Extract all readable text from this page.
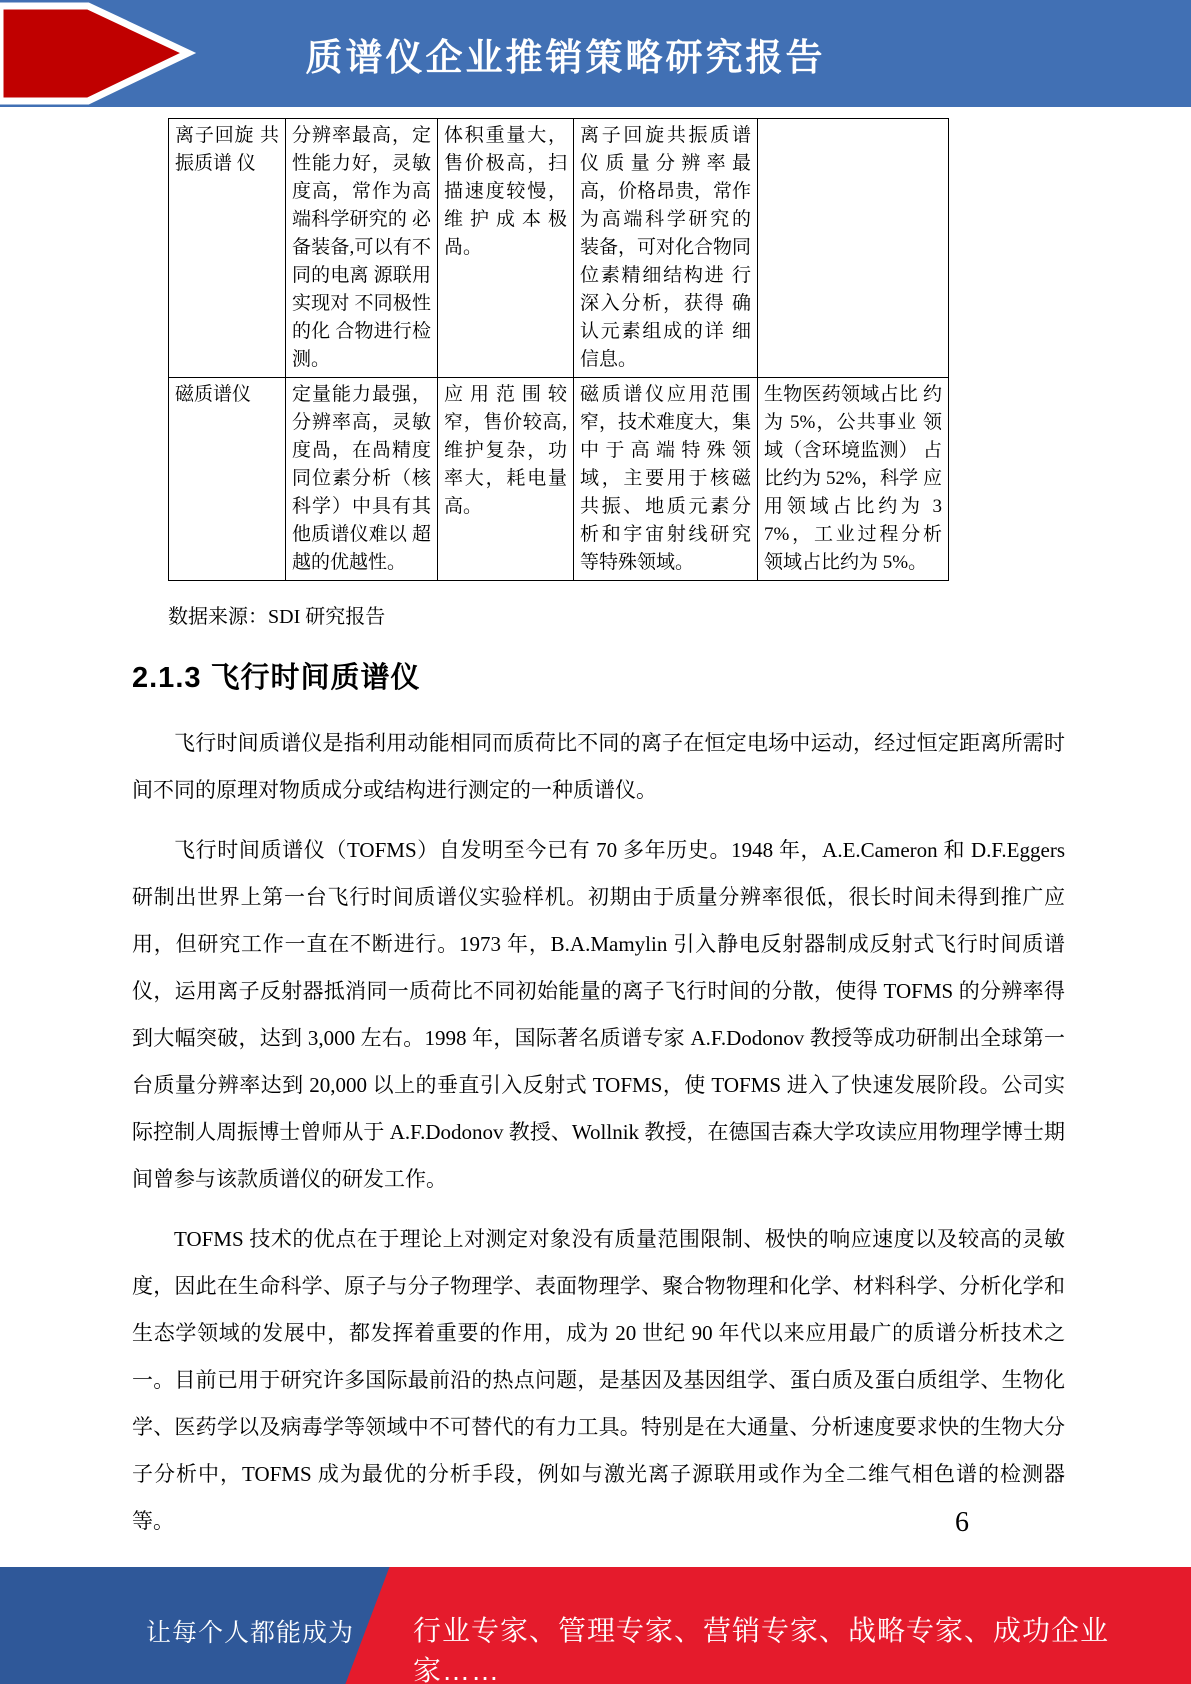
质谱仪企业推销策略研究报告
离子回旋 共振质谱 仪	分辨率最高，定性能力好，灵敏度高，常作为高端科学研究的 必备装备,可以有不同的电离 源联用实现对 不同极性的化 合物进行检测。	体积重量大，售价极高，扫描速度较慢，维护成本极 咼。	离子回旋共振质谱 仪质量分辨率最 高，价格昂贵，常作 为高端科学研究的 装备，可对化合物同位素精细结构进 行深入分析，获得 确认元素组成的详 细信息。	
磁质谱仪	定量能力最强，分辨率高，灵敏度咼，在咼精度同位素分析（核科学）中具有其他质谱仪难以 超越的优越性。	应用范围较 窄，售价较高, 维护复杂，功 率大，耗电量 高。	磁质谱仪应用范围 窄，技术难度大，集中于高端特殊领 域，主要用于核磁 共振、地质元素分 析和宇宙射线研究 等特殊领域。	生物医药领域占比 约为 5%，公共事业 领域（含环境监测） 占比约为 52%，科学 应用领域占比约为 37%，工业过程分析 领域占比约为 5%。
数据来源：SDI 研究报告
2.1.3 飞行时间质谱仪

飞行时间质谱仪是指利用动能相同而质荷比不同的离子在恒定电场中运动，经过恒定距离所需时间不同的原理对物质成分或结构进行测定的一种质谱仪。

飞行时间质谱仪（TOFMS）自发明至今已有 70 多年历史。1948 年，A.E.Cameron 和 D.F.Eggers 研制出世界上第一台飞行时间质谱仪实验样机。初期由于质量分辨率很低，很长时间未得到推广应用，但研究工作一直在不断进行。1973 年，B.A.Mamylin 引入静电反射器制成反射式飞行时间质谱仪，运用离子反射器抵消同一质荷比不同初始能量的离子飞行时间的分散，使得 TOFMS 的分辨率得到大幅突破，达到 3,000 左右。1998 年，国际著名质谱专家 A.F.Dodonov 教授等成功研制出全球第一台质量分辨率达到 20,000 以上的垂直引入反射式 TOFMS，使 TOFMS 进入了快速发展阶段。公司实际控制人周振博士曾师从于 A.F.Dodonov 教授、Wollnik 教授，在德国吉森大学攻读应用物理学博士期间曾参与该款质谱仪的研发工作。

TOFMS 技术的优点在于理论上对测定对象没有质量范围限制、极快的响应速度以及较高的灵敏度，因此在生命科学、原子与分子物理学、表面物理学、聚合物物理和化学、材料科学、分析化学和生态学领域的发展中，都发挥着重要的作用，成为 20 世纪 90 年代以来应用最广的质谱分析技术之一。目前已用于研究许多国际最前沿的热点问题，是基因及基因组学、蛋白质及蛋白质组学、生物化学、医药学以及病毒学等领域中不可替代的有力工具。特别是在大通量、分析速度要求快的生物大分子分析中，TOFMS 成为最优的分析手段，例如与激光离子源联用或作为全二维气相色谱的检测器等。	6
让每个人都能成为 行业专家、管理专家、营销专家、战略专家、成功企业家……
